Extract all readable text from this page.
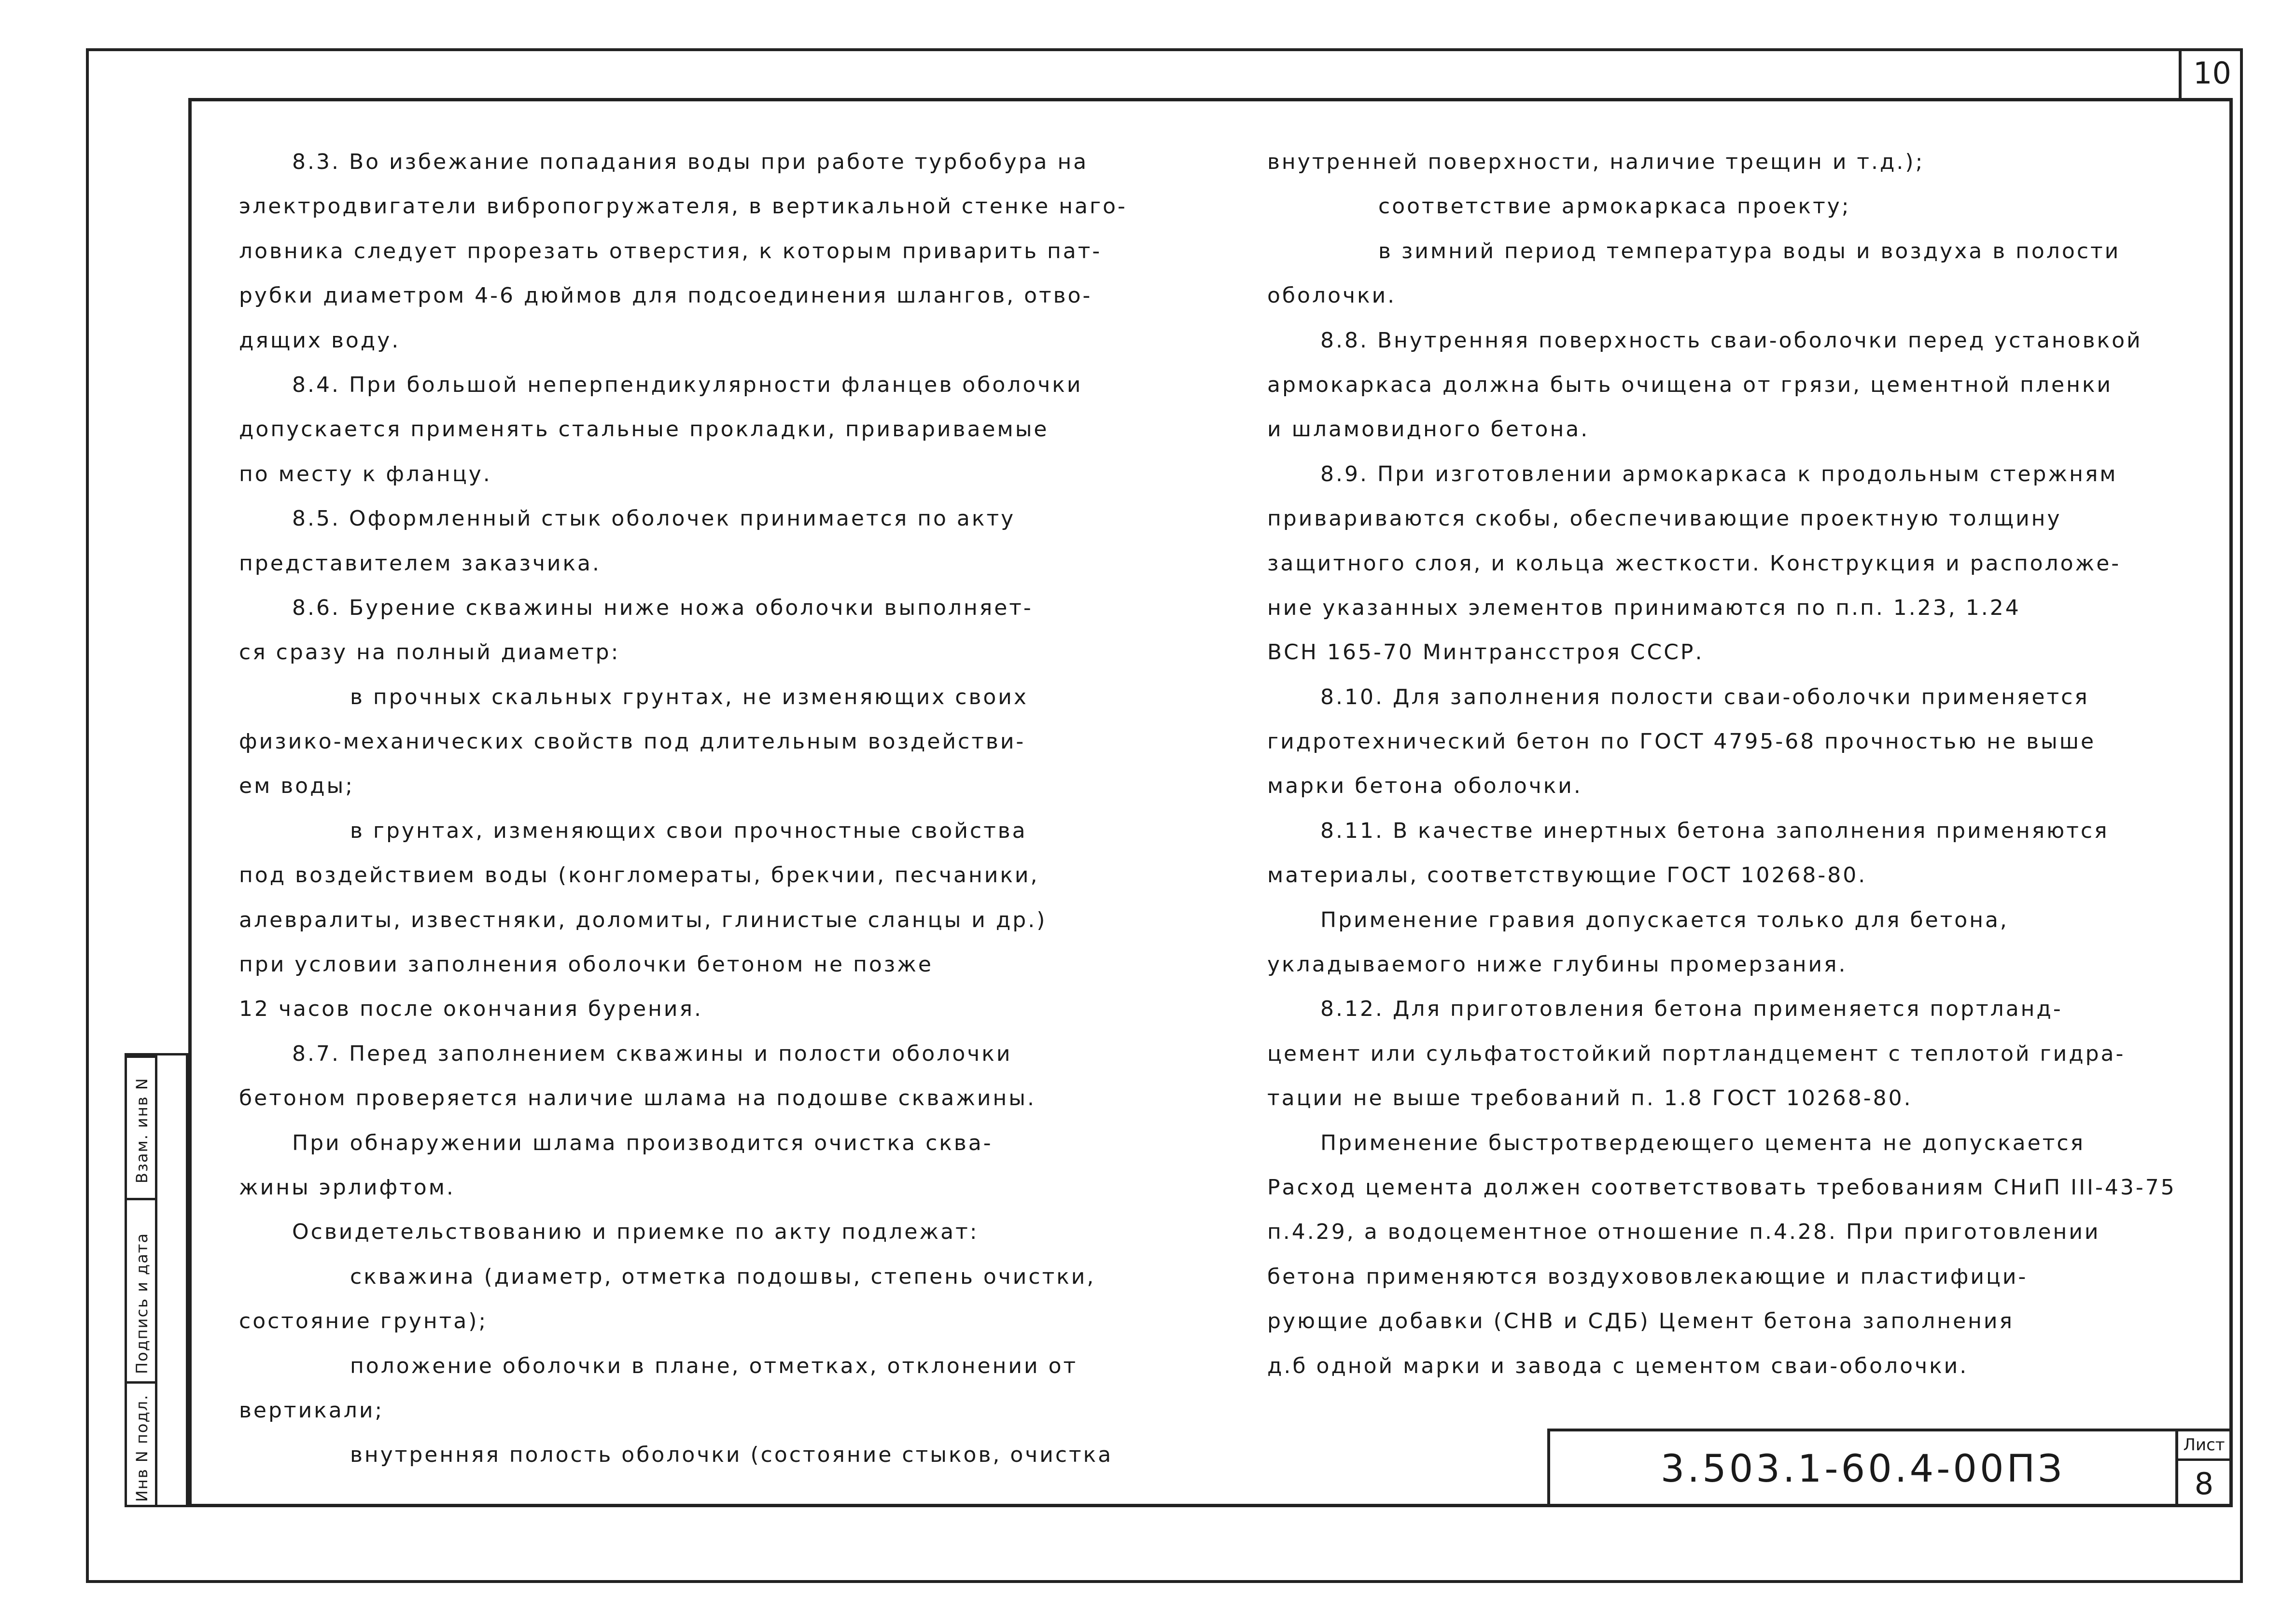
10
8.3. Во избежание попадания воды при работе турбобура на
электродвигатели вибропогружателя, в вертикальной стенке наго-
ловника следует прорезать отверстия, к которым приварить пат-
рубки диаметром 4-6 дюймов для подсоединения шлангов, отво-
дящих воду.
8.4. При большой неперпендикулярности фланцев оболочки
допускается применять стальные прокладки, привариваемые
по месту к фланцу.
8.5. Оформленный стык оболочек принимается по акту
представителем заказчика.
8.6. Бурение скважины ниже ножа оболочки выполняет-
ся сразу на полный диаметр:
в прочных скальных грунтах, не изменяющих своих
физико-механических свойств под длительным воздействи-
ем воды;
в грунтах, изменяющих свои прочностные свойства
под воздействием воды (конгломераты, брекчии, песчаники,
алевралиты, известняки, доломиты, глинистые сланцы и др.)
при условии заполнения оболочки бетоном не позже
12 часов после окончания бурения.
8.7. Перед заполнением скважины и полости оболочки
бетоном проверяется наличие шлама на подошве скважины.
При обнаружении шлама производится очистка сква-
жины эрлифтом.
Освидетельствованию и приемке по акту подлежат:
скважина (диаметр, отметка подошвы, степень очистки,
состояние грунта);
положение оболочки в плане, отметках, отклонении от
вертикали;
внутренняя полость оболочки (состояние стыков, очистка
внутренней поверхности, наличие трещин и т.д.);
соответствие армокаркаса проекту;
в зимний период температура воды и воздуха в полости
оболочки.
8.8. Внутренняя поверхность сваи-оболочки перед установкой
армокаркаса должна быть очищена от грязи, цементной пленки
и шламовидного бетона.
8.9. При изготовлении армокаркаса к продольным стержням
привариваются скобы, обеспечивающие проектную толщину
защитного слоя, и кольца жесткости. Конструкция и расположе-
ние указанных элементов принимаются по п.п. 1.23, 1.24
ВСН 165-70 Минтрансстроя СССР.
8.10. Для заполнения полости сваи-оболочки применяется
гидротехнический бетон по ГОСТ 4795-68 прочностью не выше
марки бетона оболочки.
8.11. В качестве инертных бетона заполнения применяются
материалы, соответствующие ГОСТ 10268-80.
Применение гравия допускается только для бетона,
укладываемого ниже глубины промерзания.
8.12. Для приготовления бетона применяется портланд-
цемент или сульфатостойкий портландцемент с теплотой гидра-
тации не выше требований п. 1.8 ГОСТ 10268-80.
Применение быстротвердеющего цемента не допускается
Расход цемента должен соответствовать требованиям СНиП III-43-75
п.4.29, а водоцементное отношение п.4.28. При приготовлении
бетона применяются воздухововлекающие и пластифици-
рующие добавки (СНВ и СДБ) Цемент бетона заполнения
д.б одной марки и завода с цементом сваи-оболочки.
3.503.1-60.4-00ПЗ
Лист
8
Взам. инв N
Подпись и дата
Инв N подл.
